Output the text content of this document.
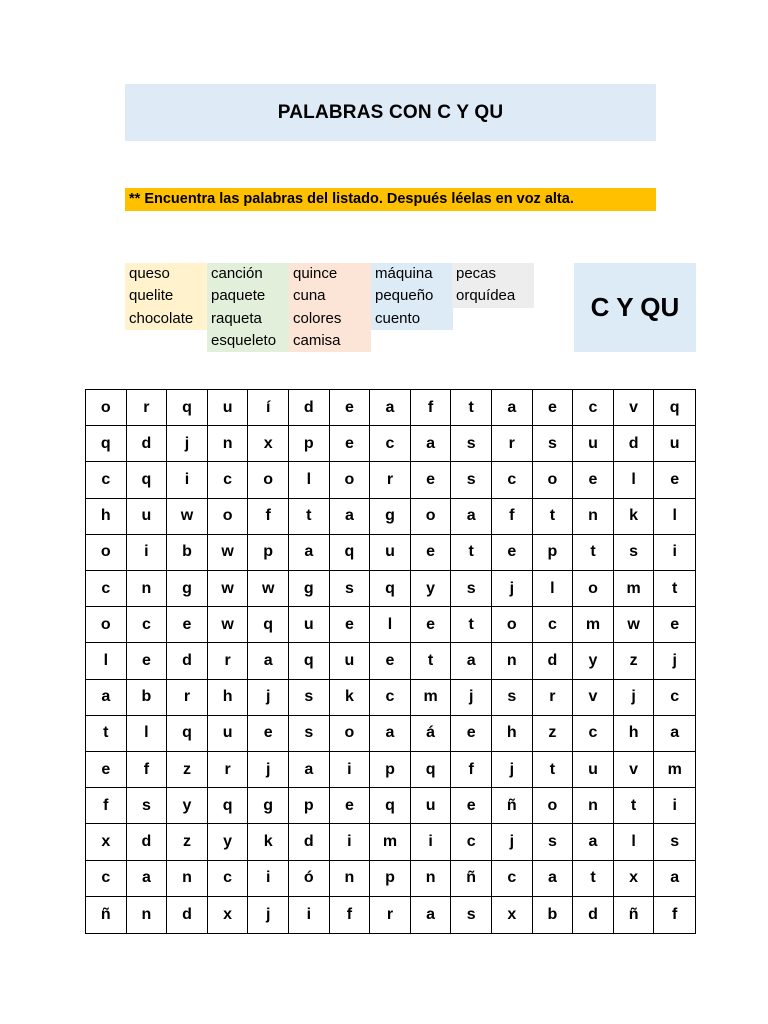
PALABRAS CON C Y QU
** Encuentra las palabras del listado. Después léelas en voz alta.
queso
quelite
chocolate
canción
paquete
raqueta
esqueleto
quince
cuna
colores
camisa
máquina
pequeño
cuento
pecas
orquídea	C Y QU
o	r	q	u	í	d	e	a	f	t	a	e	c	v	q
q	d	j	n	x	p	e	c	a	s	r	s	u	d	u
c	q	i	c	o	l	o	r	e	s	c	o	e	l	e
h	u	w	o	f	t	a	g	o	a	f	t	n	k	l
o	i	b	w	p	a	q	u	e	t	e	p	t	s	i
c	n	g	w	w	g	s	q	y	s	j	l	o	m	t
o	c	e	w	q	u	e	l	e	t	o	c	m	w	e
l	e	d	r	a	q	u	e	t	a	n	d	y	z	j
a	b	r	h	j	s	k	c	m	j	s	r	v	j	c
t	l	q	u	e	s	o	a	á	e	h	z	c	h	a
e	f	z	r	j	a	i	p	q	f	j	t	u	v	m
f	s	y	q	g	p	e	q	u	e	ñ	o	n	t	i
x	d	z	y	k	d	i	m	i	c	j	s	a	l	s
c	a	n	c	i	ó	n	p	n	ñ	c	a	t	x	a
ñ	n	d	x	j	i	f	r	a	s	x	b	d	ñ	f
